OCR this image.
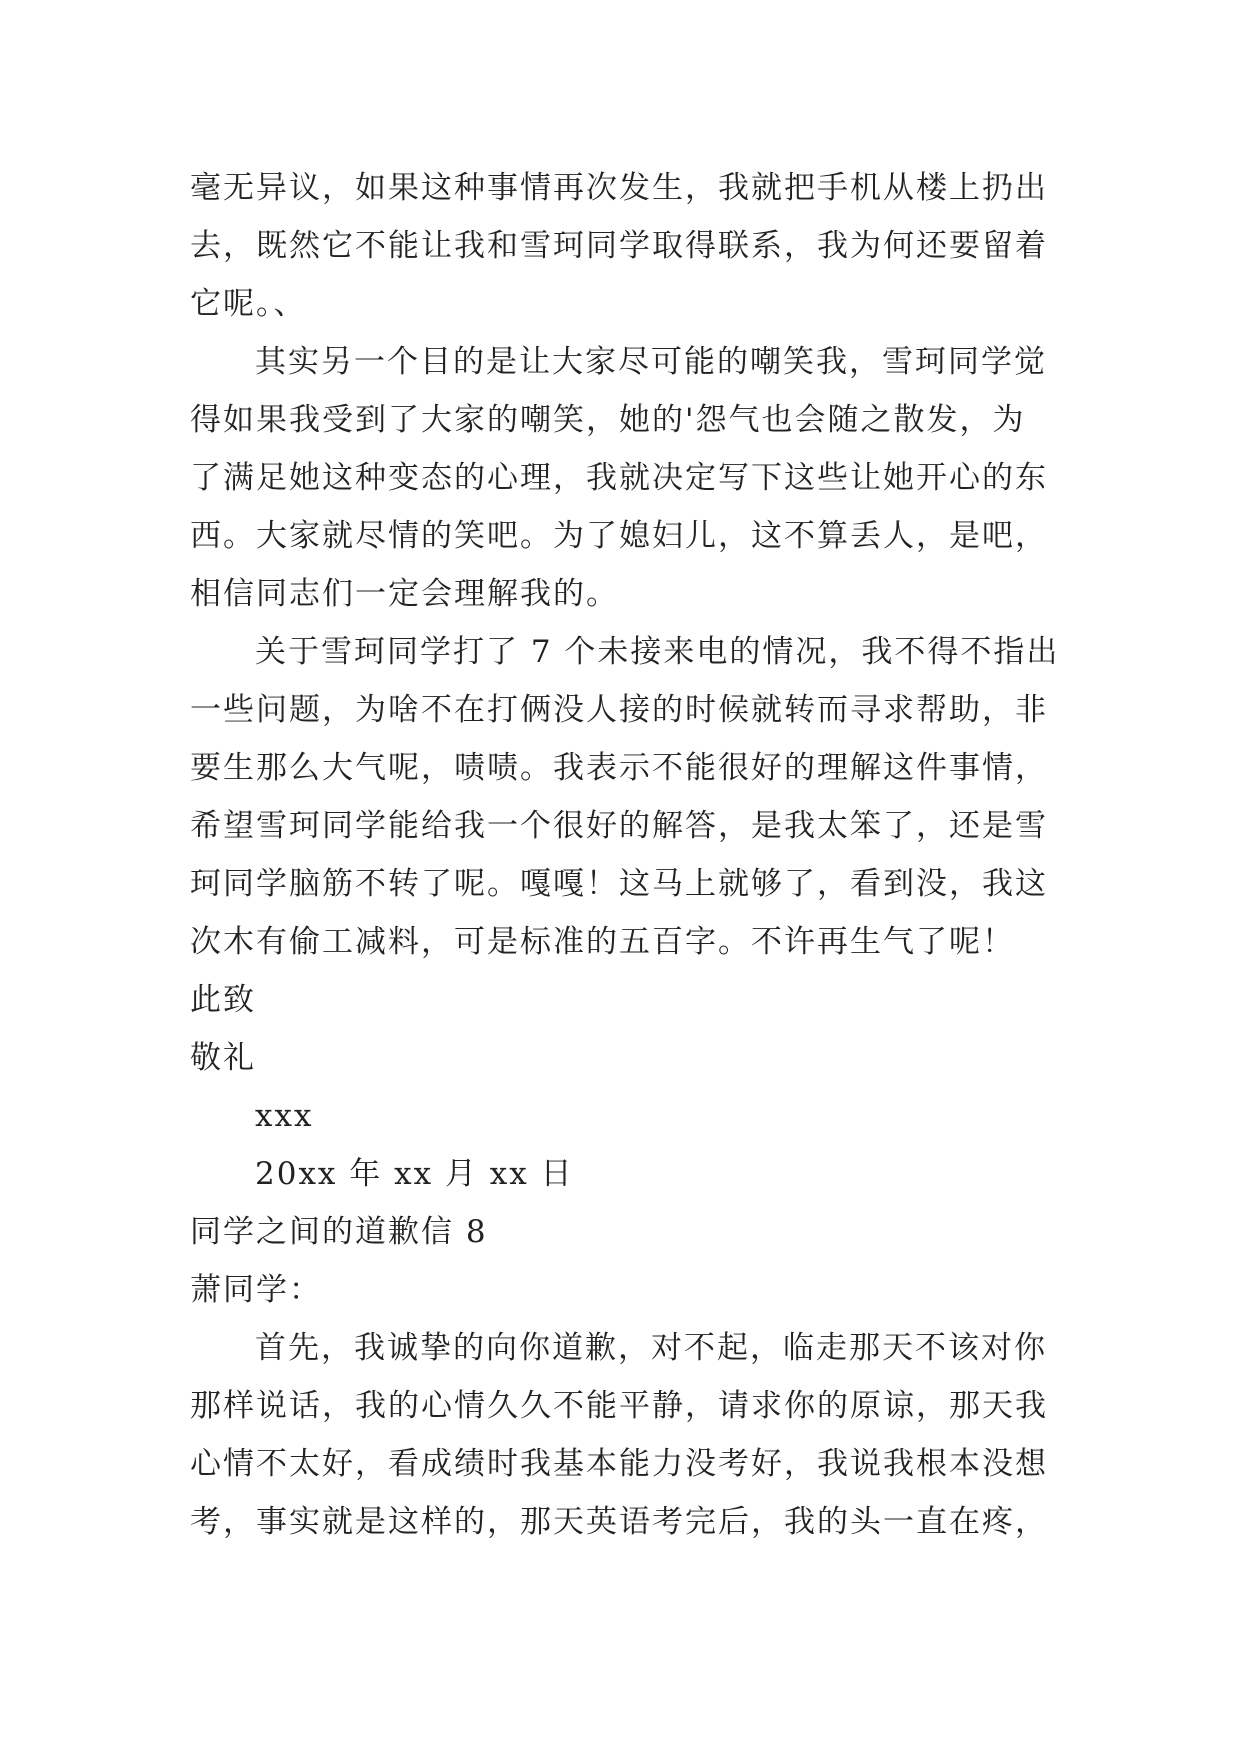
毫无异议，如果这种事情再次发生，我就把手机从楼上扔出
去，既然它不能让我和雪珂同学取得联系，我为何还要留着
它呢。、
其实另一个目的是让大家尽可能的嘲笑我，雪珂同学觉
得如果我受到了大家的嘲笑，她的'怨气也会随之散发，为
了满足她这种变态的心理，我就决定写下这些让她开心的东
西。大家就尽情的笑吧。为了媳妇儿，这不算丢人，是吧，
相信同志们一定会理解我的。
关于雪珂同学打了 7 个未接来电的情况，我不得不指出
一些问题，为啥不在打俩没人接的时候就转而寻求帮助，非
要生那么大气呢，啧啧。我表示不能很好的理解这件事情，
希望雪珂同学能给我一个很好的解答，是我太笨了，还是雪
珂同学脑筋不转了呢。嘎嘎！这马上就够了，看到没，我这
次木有偷工减料，可是标准的五百字。不许再生气了呢！
此致
敬礼
xxx
20xx 年 xx 月 xx 日
同学之间的道歉信 8
萧同学：
首先，我诚挚的向你道歉，对不起，临走那天不该对你
那样说话，我的心情久久不能平静，请求你的原谅，那天我
心情不太好，看成绩时我基本能力没考好，我说我根本没想
考，事实就是这样的，那天英语考完后，我的头一直在疼，
